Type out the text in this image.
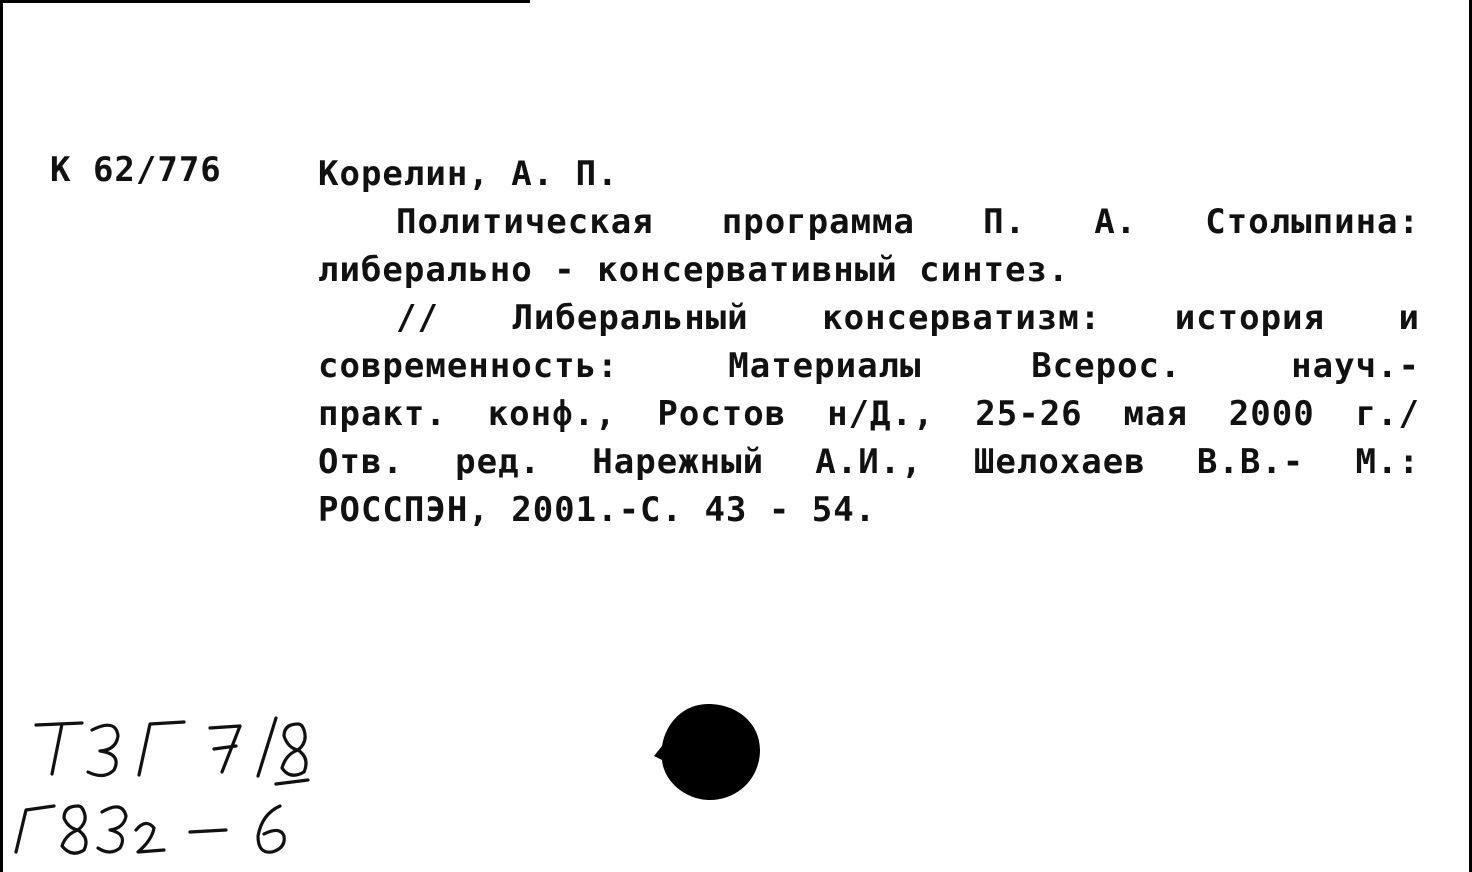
К 62/776	Корелин, А. П.
Политическая программа П. А. Столыпина:
либерально - консервативный синтез.
// Либеральный консерватизм: история и
современность:	Материалы	Всерос.	науч.-
практ. конф., Ростов н/Д., 25-26 мая 2000 г./
Отв. ред. Нарежный А.И., Шелохаев В.В.- М.:
РОССПЭН, 2001.-С. 43 - 54.
